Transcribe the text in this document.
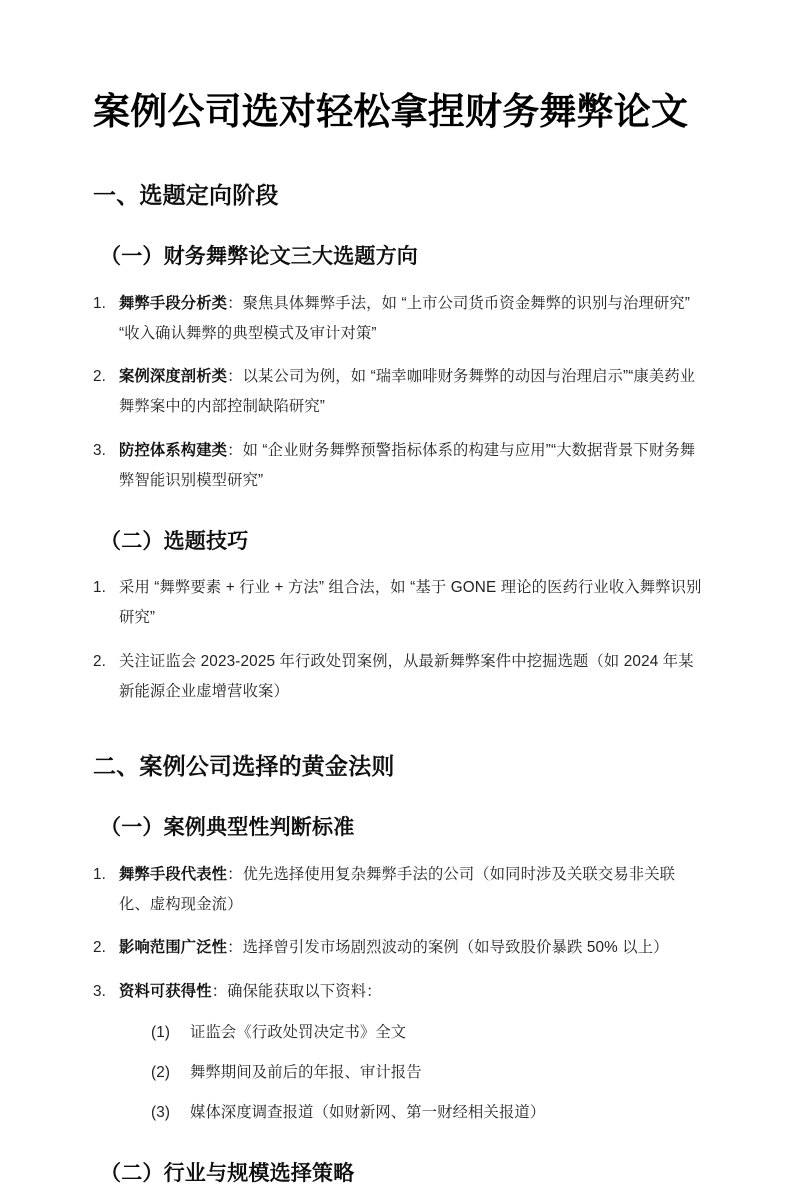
案例公司选对轻松拿捏财务舞弊论文
一、选题定向阶段
（一）财务舞弊论文三大选题方向
1. 舞弊手段分析类：聚焦具体舞弊手法，如 “上市公司货币资金舞弊的识别与治理研究”“收入确认舞弊的典型模式及审计对策”
2. 案例深度剖析类：以某公司为例，如 “瑞幸咖啡财务舞弊的动因与治理启示”“康美药业舞弊案中的内部控制缺陷研究”
3. 防控体系构建类：如 “企业财务舞弊预警指标体系的构建与应用”“大数据背景下财务舞弊智能识别模型研究”
（二）选题技巧
1. 采用 “舞弊要素 + 行业 + 方法” 组合法，如 “基于 GONE 理论的医药行业收入舞弊识别研究”
2. 关注证监会 2023-2025 年行政处罚案例，从最新舞弊案件中挖掘选题（如 2024 年某新能源企业虚增营收案）
二、案例公司选择的黄金法则
（一）案例典型性判断标准
1. 舞弊手段代表性：优先选择使用复杂舞弊手法的公司（如同时涉及关联交易非关联化、虚构现金流）
2. 影响范围广泛性：选择曾引发市场剧烈波动的案例（如导致股价暴跌 50% 以上）
3. 资料可获得性：确保能获取以下资料：
(1) 证监会《行政处罚决定书》全文
(2) 舞弊期间及前后的年报、审计报告
(3) 媒体深度调查报道（如财新网、第一财经相关报道）
（二）行业与规模选择策略
